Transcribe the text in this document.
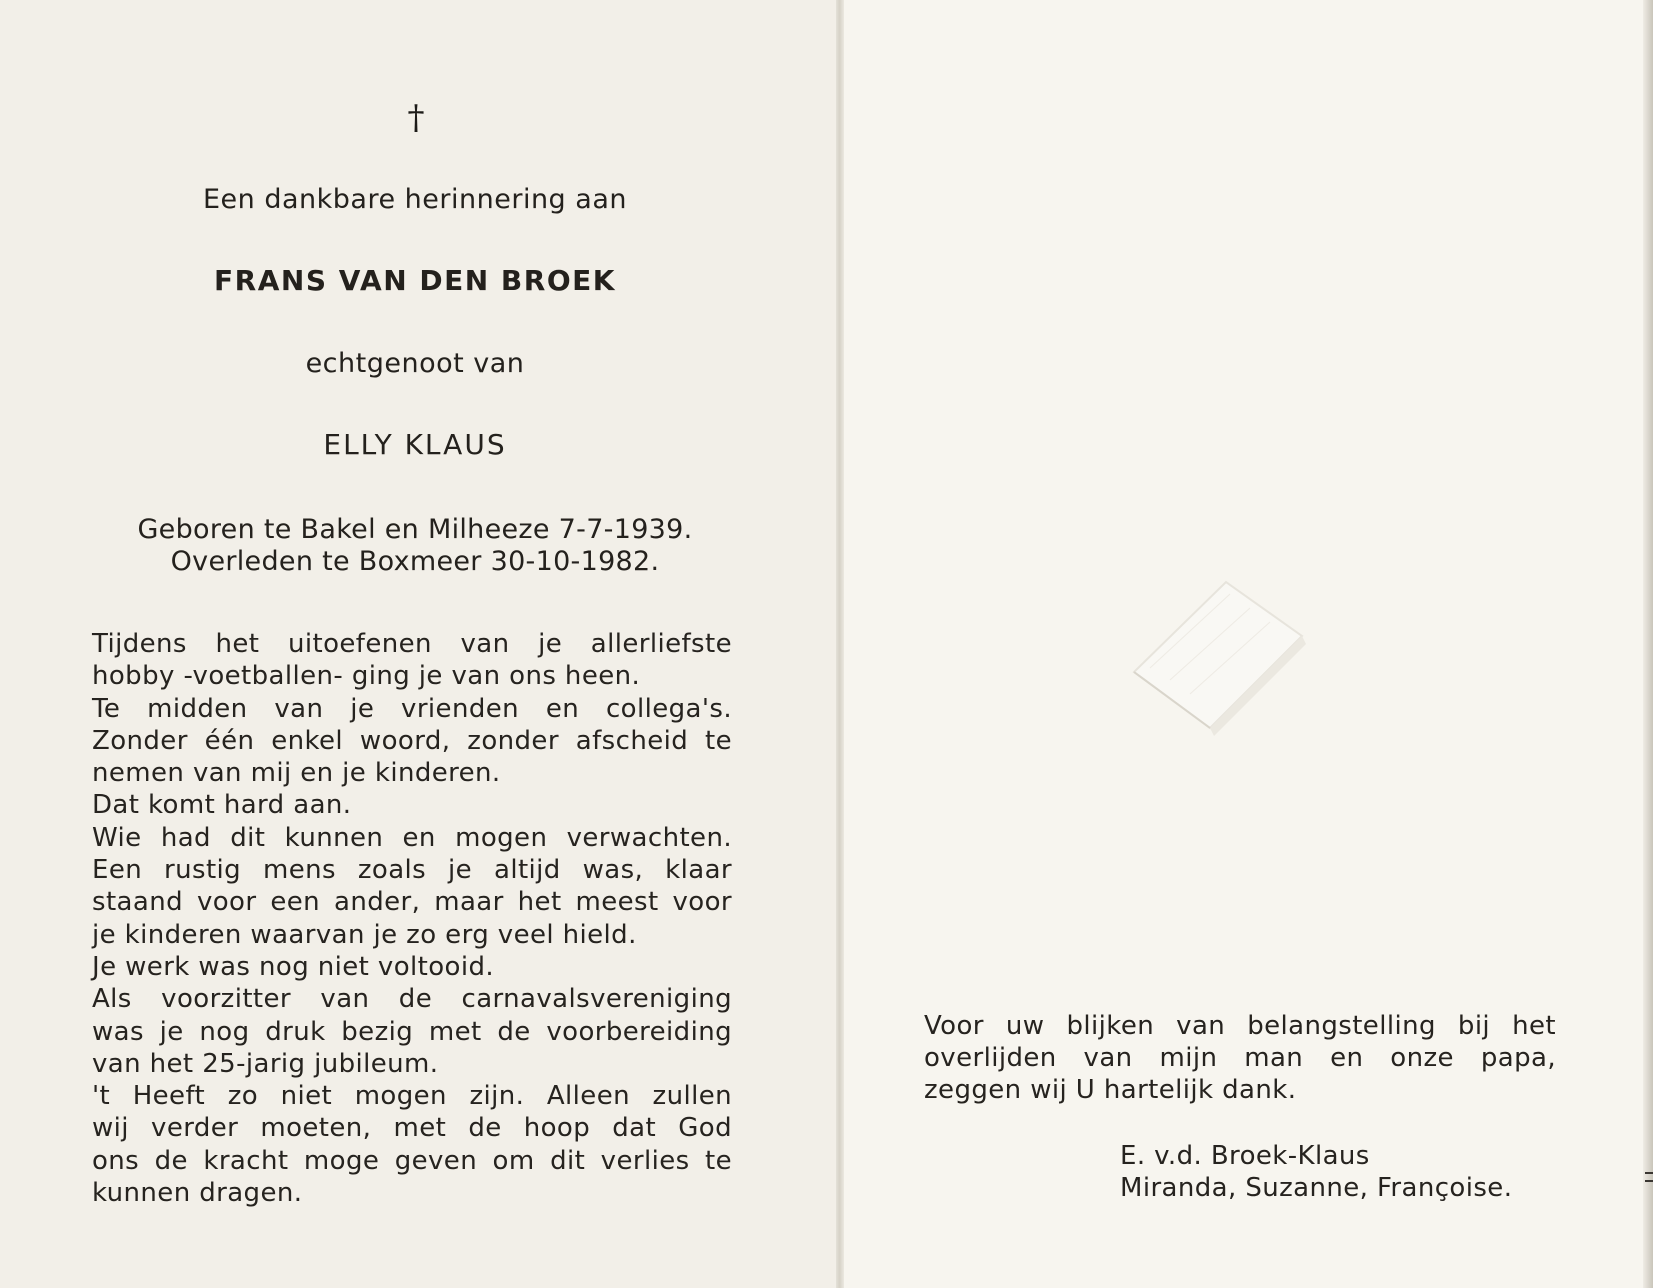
†
Een dankbare herinnering aan
FRANS VAN DEN BROEK
echtgenoot van
ELLY KLAUS
Geboren te Bakel en Milheeze 7-7-1939.
Overleden te Boxmeer 30-10-1982.
Tijdens het uitoefenen van je allerliefste
hobby -voetballen- ging je van ons heen.
Te midden van je vrienden en collega's.
Zonder één enkel woord, zonder afscheid te
nemen van mij en je kinderen.
Dat komt hard aan.
Wie had dit kunnen en mogen verwachten.
Een rustig mens zoals je altijd was, klaar
staand voor een ander, maar het meest voor
je kinderen waarvan je zo erg veel hield.
Je werk was nog niet voltooid.
Als voorzitter van de carnavalsvereniging
was je nog druk bezig met de voorbereiding
van het 25-jarig jubileum.
't Heeft zo niet mogen zijn. Alleen zullen
wij verder moeten, met de hoop dat God
ons de kracht moge geven om dit verlies te
kunnen dragen.
Voor uw blijken van belangstelling bij het
overlijden van mijn man en onze papa,
zeggen wij U hartelijk dank.
E. v.d. Broek-Klaus
Miranda, Suzanne, Françoise.
